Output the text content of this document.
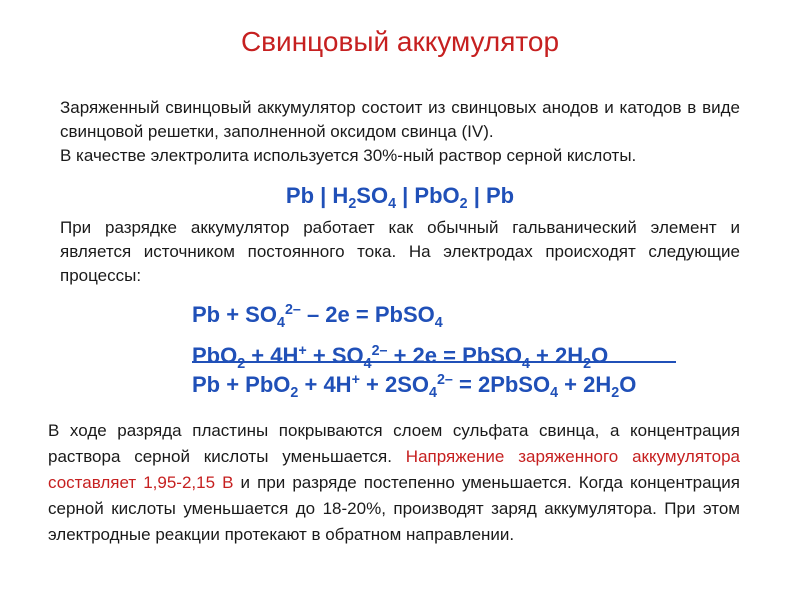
Свинцовый аккумулятор
Заряженный свинцовый аккумулятор состоит из свинцовых анодов и катодов в виде свинцовой решетки, заполненной оксидом свинца (IV).
В качестве электролита используется 30%-ный раствор серной кислоты.
Pb | $H_2SO_4$ | PbO$_2$ | Pb
При разрядке аккумулятор работает как обычный гальванический элемент и является источником постоянного тока. На электродах происходят следующие процессы:
$Pb + SO_4^{2-} - 2e$ = PbSO$_4$
$PbO_2 + 4H^+ + SO_4^{2-} + 2e$ = PbSO$_4$ + $2H_2O$
$Pb + PbO_2 + 4H^+ + 2SO_4^{2-}$ = 2PbSO$_4$ + $2H_2O$
В ходе разряда пластины покрываются слоем сульфата свинца, а концентрация раствора серной кислоты уменьшается. Напряжение заряженного аккумулятора составляет 1,95-2,15 В и при разряде постепенно уменьшается. Когда концентрация серной кислоты уменьшается до 18-20%, производят заряд аккумулятора. При этом электродные реакции протекают в обратном направлении.
